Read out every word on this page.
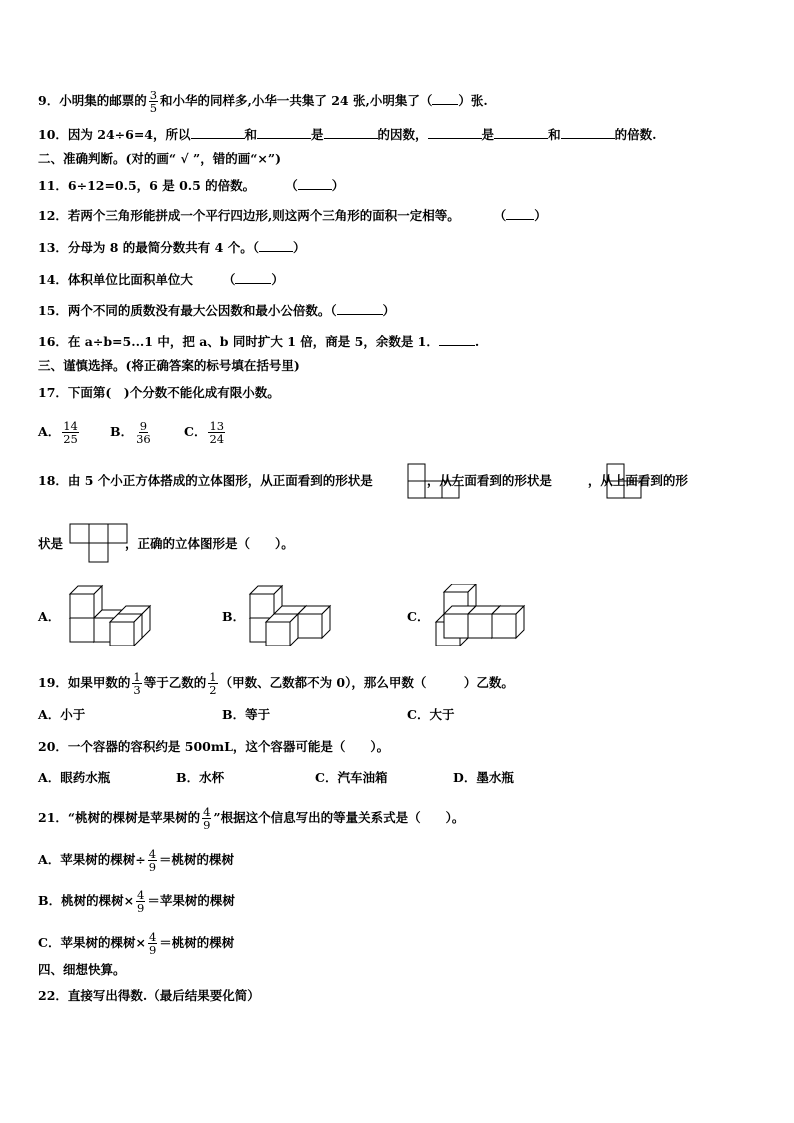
9．小明集的邮票的 $\frac{3}{5}$ 和小华的同样多,小华一共集了 24 张,小明集了（ ）张.
10．因为 24÷6=4，所以	和	是	的因数，	是	和	的倍数.
二、准确判断。(对的画“ √ ”，错的画“×”)
11．6÷12=0.5，6 是 0.5 的倍数。 （	）
12．若两个三角形能拼成一个平行四边形,则这两个三角形的面积一定相等。	（ ）
13．分母为 8 的最简分数共有 4 个。（	）
14．体积单位比面积单位大 （	）
15．两个不同的质数没有最大公因数和最小公倍数。（	）
16．在 a÷b=5...1 中，把 a、b 同时扩大 1 倍，商是 5，余数是 1．	.
三、谨慎选择。(将正确答案的标号填在括号里)
17．下面第(　)个分数不能化成有限小数。
A． $\frac{14}{25}$ B． $\frac{9}{36}$	C． $\frac{13}{24}$
18．由 5 个小正方体搭成的立体图形，从正面看到的形状是	，从左面看到的形状是	，从上面看到的形
状是	，正确的立体图形是（　　）。
A．	B．	C．
19．如果甲数的 $\frac{1}{3}$ 等于乙数的 $\frac{1}{2}$ （甲数、乙数都不为 0），那么甲数（　　　）乙数。
A．小于	B．等于	C．大于
20．一个容器的容积约是 500mL，这个容器可能是（　　）。
A．眼药水瓶	B．水杯	C．汽车油箱	D．墨水瓶
21．“桃树的棵树是苹果树的 $\frac{4}{9}$ ”根据这个信息写出的等量关系式是（　　）。
A．苹果树的棵树÷ $\frac{4}{9}$ ＝桃树的棵树
B．桃树的棵树× $\frac{4}{9}$ ＝苹果树的棵树
C．苹果树的棵树× $\frac{4}{9}$ ＝桃树的棵树
四、细想快算。
22．直接写出得数.（最后结果要化简）
